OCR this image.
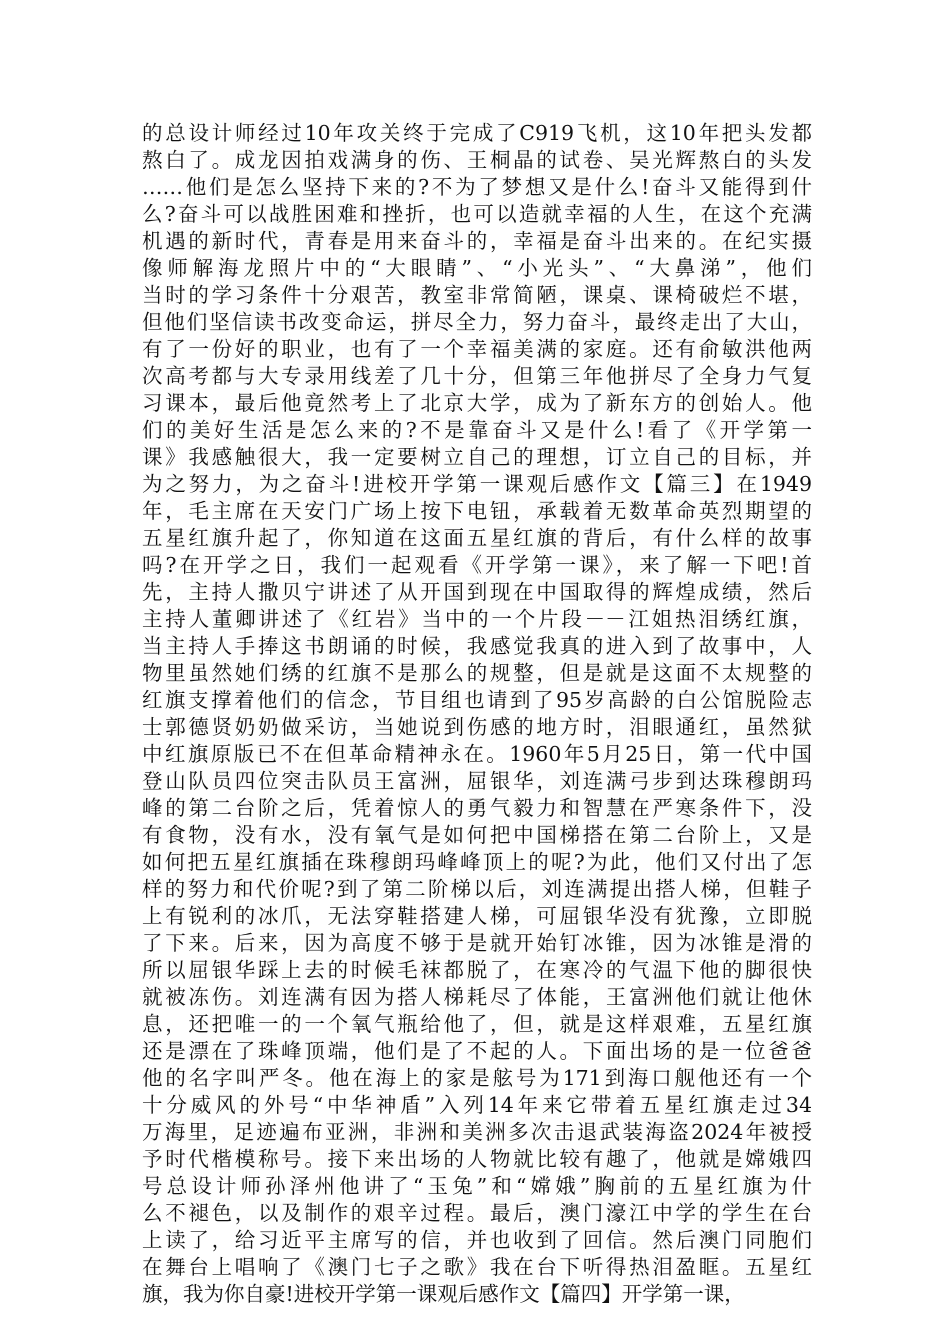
的总设计师经过10年攻关终于完成了C919飞机，这10年把头发都
熬白了。成龙因拍戏满身的伤、王桐晶的试卷、吴光辉熬白的头发
……他们是怎么坚持下来的?不为了梦想又是什么!奋斗又能得到什
么?奋斗可以战胜困难和挫折，也可以造就幸福的人生，在这个充满
机遇的新时代，青春是用来奋斗的，幸福是奋斗出来的。在纪实摄
像师解海龙照片中的“大眼睛”、“小光头”、“大鼻涕”，他们
当时的学习条件十分艰苦，教室非常简陋，课桌、课椅破烂不堪，
但他们坚信读书改变命运，拼尽全力，努力奋斗，最终走出了大山，
有了一份好的职业，也有了一个幸福美满的家庭。还有俞敏洪他两
次高考都与大专录用线差了几十分，但第三年他拼尽了全身力气复
习课本，最后他竟然考上了北京大学，成为了新东方的创始人。他
们的美好生活是怎么来的?不是靠奋斗又是什么!看了《开学第一
课》我感触很大，我一定要树立自己的理想，订立自己的目标，并
为之努力，为之奋斗!进校开学第一课观后感作文【篇三】在1949
年，毛主席在天安门广场上按下电钮，承载着无数革命英烈期望的
五星红旗升起了，你知道在这面五星红旗的背后，有什么样的故事
吗?在开学之日，我们一起观看《开学第一课》，来了解一下吧!首
先，主持人撒贝宁讲述了从开国到现在中国取得的辉煌成绩，然后
主持人董卿讲述了《红岩》当中的一个片段－－江姐热泪绣红旗，
当主持人手捧这书朗诵的时候，我感觉我真的进入到了故事中，人
物里虽然她们绣的红旗不是那么的规整，但是就是这面不太规整的
红旗支撑着他们的信念，节目组也请到了95岁高龄的白公馆脱险志
士郭德贤奶奶做采访，当她说到伤感的地方时，泪眼通红，虽然狱
中红旗原版已不在但革命精神永在。1960年5月25日，第一代中国
登山队员四位突击队员王富洲，屈银华，刘连满弓步到达珠穆朗玛
峰的第二台阶之后，凭着惊人的勇气毅力和智慧在严寒条件下，没
有食物，没有水，没有氧气是如何把中国梯搭在第二台阶上，又是
如何把五星红旗插在珠穆朗玛峰峰顶上的呢?为此，他们又付出了怎
样的努力和代价呢?到了第二阶梯以后，刘连满提出搭人梯，但鞋子
上有锐利的冰爪，无法穿鞋搭建人梯，可屈银华没有犹豫，立即脱
了下来。后来，因为高度不够于是就开始钉冰锥，因为冰锥是滑的
所以屈银华踩上去的时候毛袜都脱了，在寒冷的气温下他的脚很快
就被冻伤。刘连满有因为搭人梯耗尽了体能，王富洲他们就让他休
息，还把唯一的一个氧气瓶给他了，但，就是这样艰难，五星红旗
还是漂在了珠峰顶端，他们是了不起的人。下面出场的是一位爸爸
他的名字叫严冬。他在海上的家是舷号为171到海口舰他还有一个
十分威风的外号“中华神盾”入列14年来它带着五星红旗走过34
万海里，足迹遍布亚洲，非洲和美洲多次击退武装海盗2024年被授
予时代楷模称号。接下来出场的人物就比较有趣了，他就是嫦娥四
号总设计师孙泽州他讲了“玉兔”和“嫦娥”胸前的五星红旗为什
么不褪色，以及制作的艰辛过程。最后，澳门濠江中学的学生在台
上读了，给习近平主席写的信，并也收到了回信。然后澳门同胞们
在舞台上唱响了《澳门七子之歌》我在台下听得热泪盈眶。五星红
旗，我为你自豪!进校开学第一课观后感作文【篇四】开学第一课，
